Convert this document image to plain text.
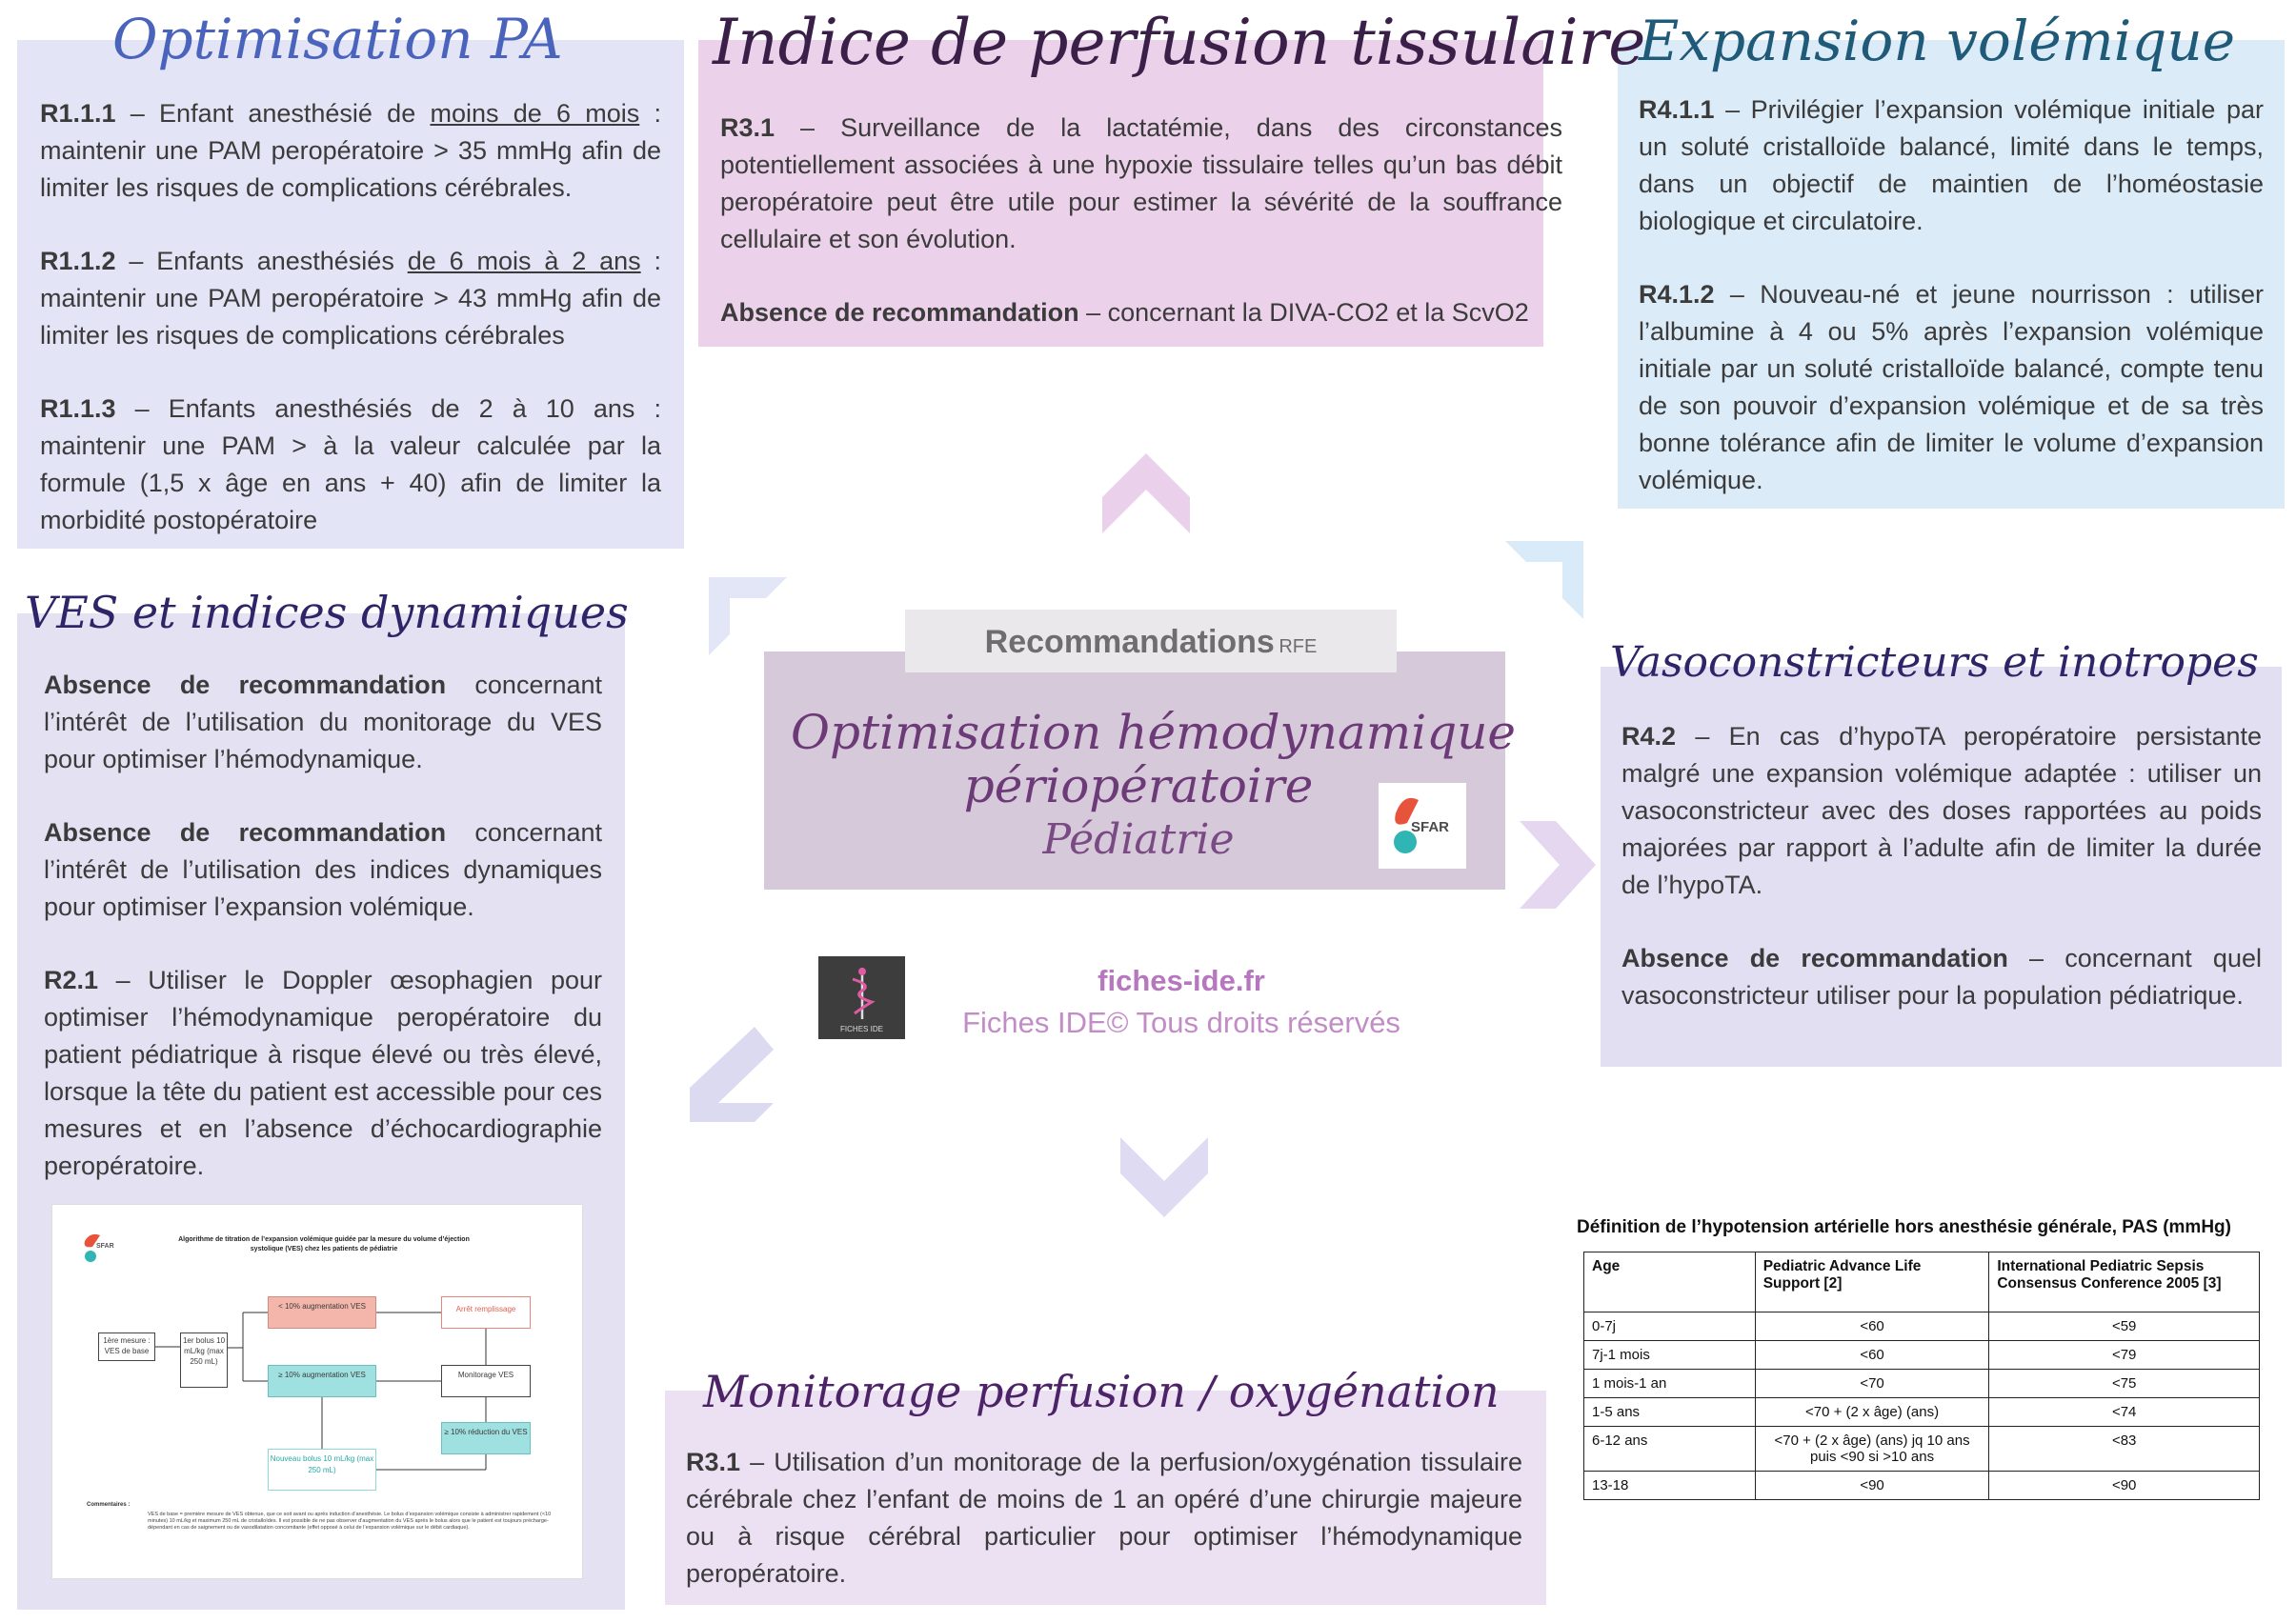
Optimisation PA

R1.1.1 – Enfant anesthésié de moins de 6 mois : maintenir une PAM peropératoire > 35 mmHg afin de limiter les risques de complications cérébrales.

R1.1.2 – Enfants anesthésiés de 6 mois à 2 ans : maintenir une PAM peropératoire > 43 mmHg afin de limiter les risques de complications cérébrales

R1.1.3 – Enfants anesthésiés de 2 à 10 ans : maintenir une PAM > à la valeur calculée par la formule (1,5 x âge en ans + 40) afin de limiter la morbidité postopératoire

Indice de perfusion tissulaire

R3.1 – Surveillance de la lactatémie, dans des circonstances potentiellement associées à une hypoxie tissulaire telles qu’un bas débit peropératoire peut être utile pour estimer la sévérité de la souffrance cellulaire et son évolution.

Absence de recommandation – concernant la DIVA-CO2 et la ScvO2

Expansion volémique

R4.1.1 – Privilégier l’expansion volémique initiale par un soluté cristalloïde balancé, limité dans le temps, dans un objectif de maintien de l’homéostasie biologique et circulatoire.

R4.1.2 – Nouveau-né et jeune nourrisson : utiliser l’albumine à 4 ou 5% après l’expansion volémique initiale par un soluté cristalloïde balancé, compte tenu de son pouvoir d’expansion volémique et de sa très bonne tolérance afin de limiter le volume d’expansion volémique.

VES et indices dynamiques

Absence de recommandation concernant l’intérêt de l’utilisation du monitorage du VES pour optimiser l’hémodynamique.

Absence de recommandation concernant l’intérêt de l’utilisation des indices dynamiques pour optimiser l’expansion volémique.

R2.1 – Utiliser le Doppler œsophagien pour optimiser l’hémodynamique peropératoire du patient pédiatrique à risque élevé ou très élevé, lorsque la tête du patient est accessible pour ces mesures et en l’absence d’échocardiographie peropératoire.

SFAR
Algorithme de titration de l’expansion volémique guidée par la mesure du volume d’éjection systolique (VES) chez les patients de pédiatrie
1ère mesure : VES de base
1er bolus 10 mL/kg (max 250 mL)
< 10% augmentation VES
≥ 10% augmentation VES
Arrêt remplissage
Monitorage VES
≥ 10% réduction du VES
Nouveau bolus 10 mL/kg (max 250 mL)
Commentaires :
VES de base = première mesure de VES obtenue, que ce soit avant ou après induction d’anesthésie. Le bolus d’expansion volémique consiste à administrer rapidement (<10 minutes) 10 mL/kg et maximum 250 mL de cristalloïdes. Il est possible de ne pas observer d’augmentation du VES après le bolus alors que le patient est toujours précharge-dépendant en cas de saignement ou de vasodilatation concomitante (effet opposé à celui de l’expansion volémique sur le débit cardiaque).
Recommandations RFE
Optimisation hémodynamique
périopératoire
Pédiatrie	SFAR
FICHES IDE
fiches-ide.fr
Fiches IDE© Tous droits réservés
Vasoconstricteurs et inotropes

R4.2 – En cas d’hypoTA peropératoire persistante malgré une expansion volémique adaptée : utiliser un vasoconstricteur avec des doses rapportées au poids majorées par rapport à l’adulte afin de limiter la durée de l’hypoTA.

Absence de recommandation – concernant quel vasoconstricteur utiliser pour la population pédiatrique.

Monitorage perfusion / oxygénation

R3.1 – Utilisation d’un monitorage de la perfusion/oxygénation tissulaire cérébrale chez l’enfant de moins de 1 an opéré d’une chirurgie majeure ou à risque cérébral particulier pour optimiser l’hémodynamique peropératoire.

Définition de l’hypotension artérielle hors anesthésie générale, PAS (mmHg)
Age	Pediatric Advance Life Support [2]	International Pediatric Sepsis Consensus Conference 2005 [3]
0-7j	<60	<59
7j-1 mois	<60	<79
1 mois-1 an	<70	<75
1-5 ans	<70 + (2 x âge) (ans)	<74
6-12 ans	<70 + (2 x âge) (ans) jq 10 ans puis <90 si >10 ans	<83
13-18	<90	<90
